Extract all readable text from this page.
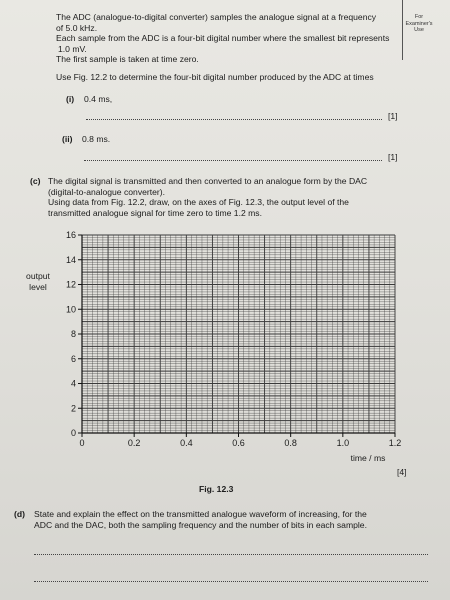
For
Examiner's
Use
The ADC (analogue-to-digital converter) samples the analogue signal at a frequency
of 5.0 kHz.
Each sample from the ADC is a four-bit digital number where the smallest bit represents
1.0 mV.
The first sample is taken at time zero.
Use Fig. 12.2 to determine the four-bit digital number produced by the ADC at times
(i) 0.4 ms,
[1]
(ii) 0.8 ms.
[1]
(c) The digital signal is transmitted and then converted to an analogue form by the DAC
(digital-to-analogue converter).
Using data from Fig. 12.2, draw, on the axes of Fig. 12.3, the output level of the
transmitted analogue signal for time zero to time 1.2 ms.
0
2
4
6
8
10
12
14
16
0	0.2	0.4	0.6	0.8	1.0	1.2
output
level
time / ms
[4]
Fig. 12.3
(d) State and explain the effect on the transmitted analogue waveform of increasing, for the
ADC and the DAC, both the sampling frequency and the number of bits in each sample.
